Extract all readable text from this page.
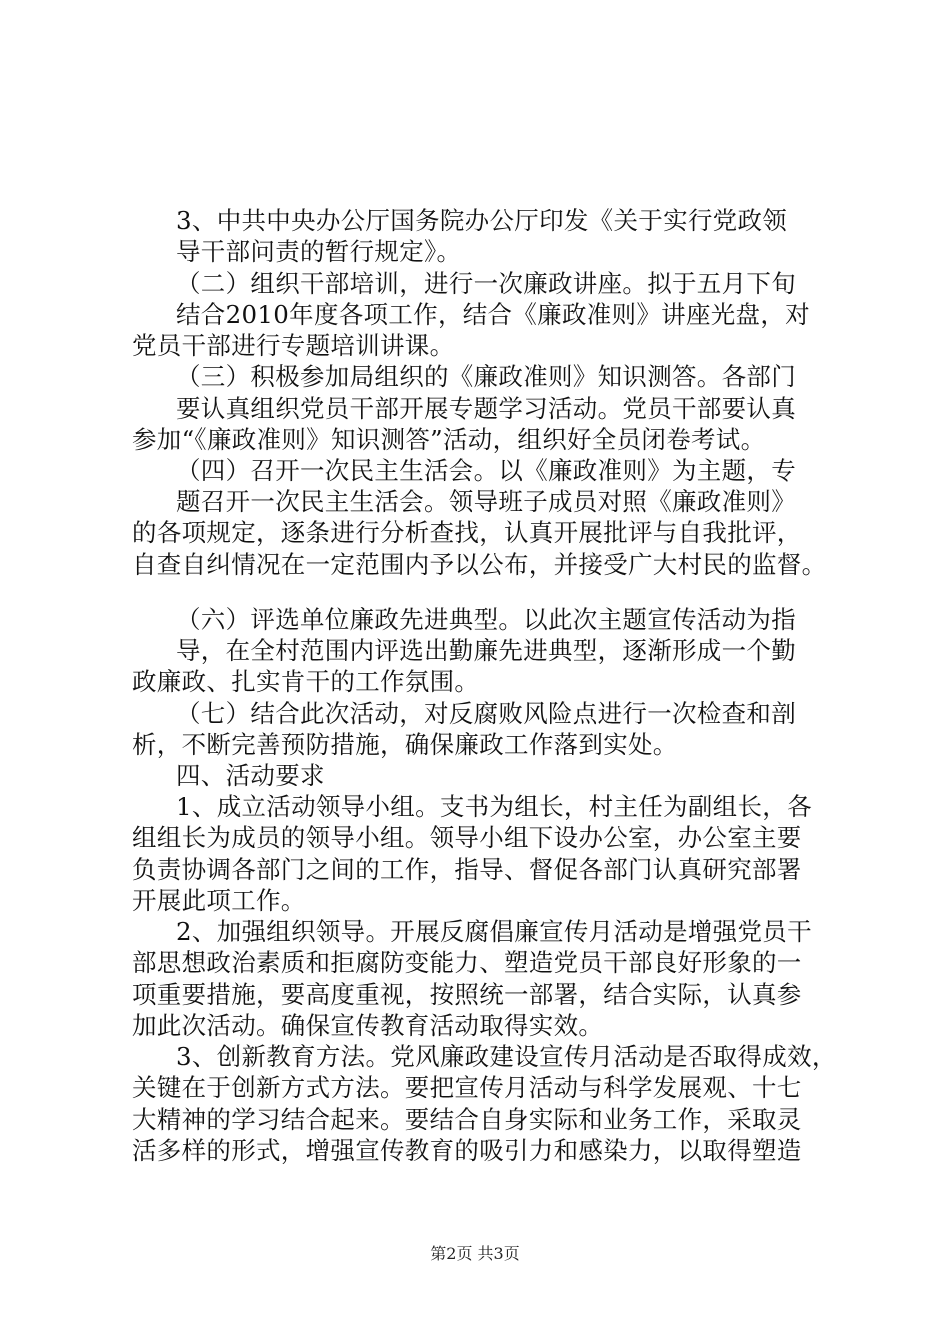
3、中共中央办公厅国务院办公厅印发《关于实行党政领
导干部问责的暂行规定》。
（二）组织干部培训，进行一次廉政讲座。拟于五月下旬
结合2010年度各项工作，结合《廉政准则》讲座光盘，对
党员干部进行专题培训讲课。
（三）积极参加局组织的《廉政准则》知识测答。各部门
要认真组织党员干部开展专题学习活动。党员干部要认真
参加“《廉政准则》知识测答”活动，组织好全员闭卷考试。
（四）召开一次民主生活会。以《廉政准则》为主题，专
题召开一次民主生活会。领导班子成员对照《廉政准则》
的各项规定，逐条进行分析查找，认真开展批评与自我批评，
自查自纠情况在一定范围内予以公布，并接受广大村民的监督。
（六）评选单位廉政先进典型。以此次主题宣传活动为指
导，在全村范围内评选出勤廉先进典型，逐渐形成一个勤
政廉政、扎实肯干的工作氛围。
（七）结合此次活动，对反腐败风险点进行一次检查和剖
析，不断完善预防措施，确保廉政工作落到实处。
四、活动要求
1、成立活动领导小组。支书为组长，村主任为副组长，各
组组长为成员的领导小组。领导小组下设办公室，办公室主要
负责协调各部门之间的工作，指导、督促各部门认真研究部署
开展此项工作。
2、加强组织领导。开展反腐倡廉宣传月活动是增强党员干
部思想政治素质和拒腐防变能力、塑造党员干部良好形象的一
项重要措施，要高度重视，按照统一部署，结合实际，认真参
加此次活动。确保宣传教育活动取得实效。
3、创新教育方法。党风廉政建设宣传月活动是否取得成效，
关键在于创新方式方法。要把宣传月活动与科学发展观、十七
大精神的学习结合起来。要结合自身实际和业务工作，采取灵
活多样的形式，增强宣传教育的吸引力和感染力，以取得塑造
第2页 共3页
